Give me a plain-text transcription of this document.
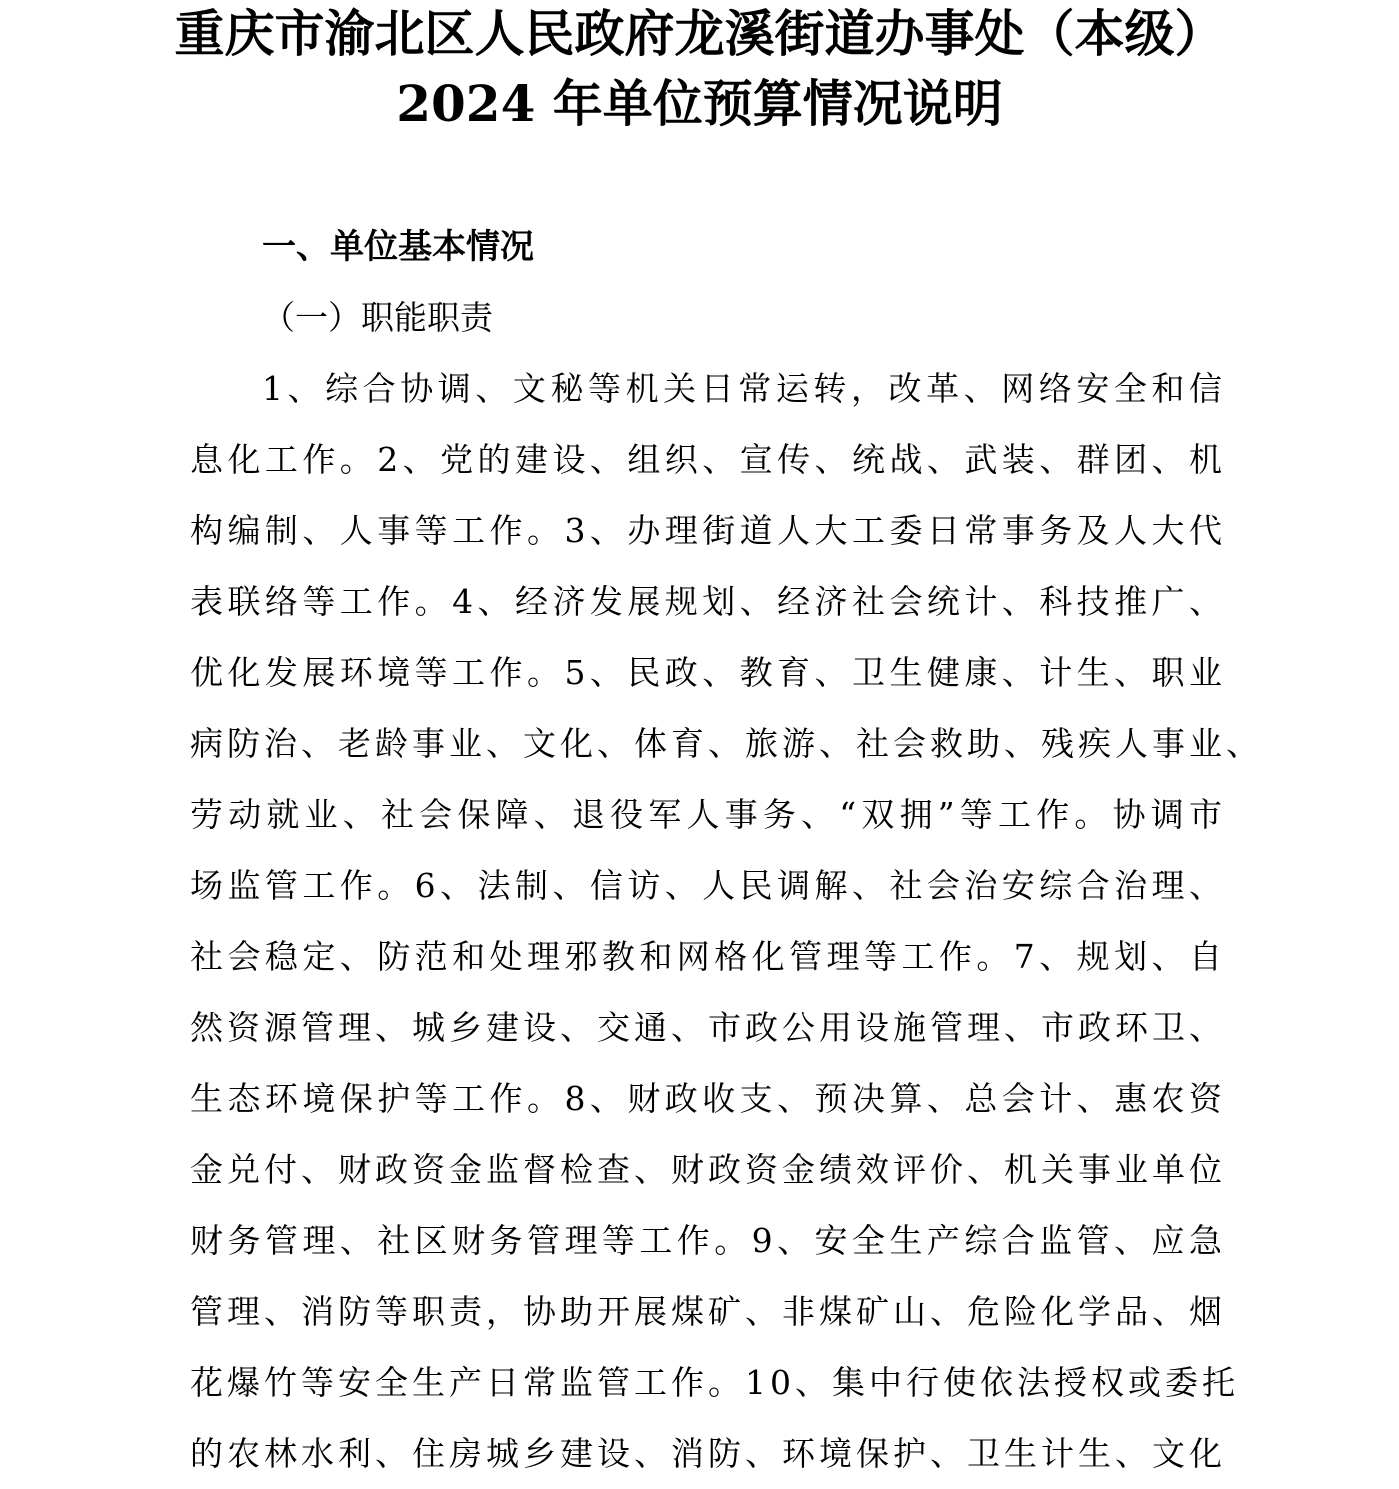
重庆市渝北区人民政府龙溪街道办事处（本级）
2024 年单位预算情况说明
一、单位基本情况
（一）职能职责
1、综合协调、文秘等机关日常运转，改革、网络安全和信
息化工作。2、党的建设、组织、宣传、统战、武装、群团、机
构编制、人事等工作。3、办理街道人大工委日常事务及人大代
表联络等工作。4、经济发展规划、经济社会统计、科技推广、
优化发展环境等工作。5、民政、教育、卫生健康、计生、职业
病防治、老龄事业、文化、体育、旅游、社会救助、残疾人事业、
劳动就业、社会保障、退役军人事务、“双拥”等工作。协调市
场监管工作。6、法制、信访、人民调解、社会治安综合治理、
社会稳定、防范和处理邪教和网格化管理等工作。7、规划、自
然资源管理、城乡建设、交通、市政公用设施管理、市政环卫、
生态环境保护等工作。8、财政收支、预决算、总会计、惠农资
金兑付、财政资金监督检查、财政资金绩效评价、机关事业单位
财务管理、社区财务管理等工作。9、安全生产综合监管、应急
管理、消防等职责，协助开展煤矿、非煤矿山、危险化学品、烟
花爆竹等安全生产日常监管工作。10、集中行使依法授权或委托
的农林水利、住房城乡建设、消防、环境保护、卫生计生、文化
